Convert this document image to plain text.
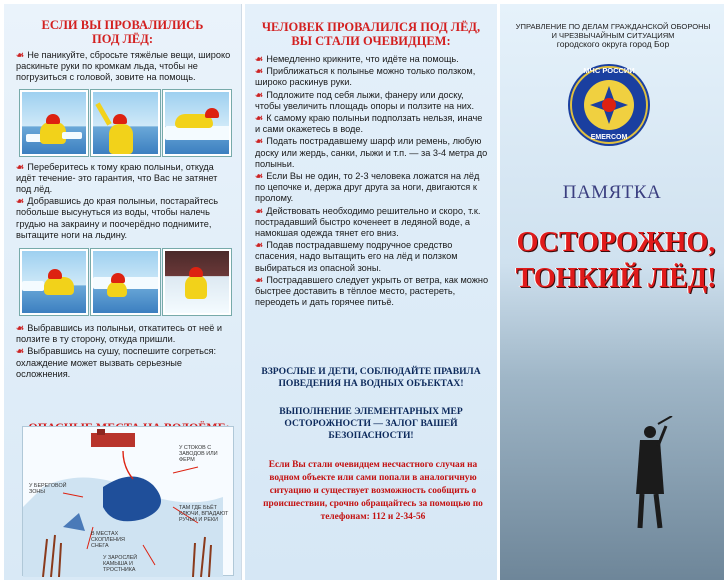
ЕСЛИ ВЫ ПРОВАЛИЛИСЬ
ПОД ЛЁД:

☙ Не паникуйте, сбросьте тяжёлые вещи, широко раскиньте руки по кромкам льда, чтобы не погрузиться с головой, зовите на помощь.

☙ Переберитесь к тому краю полыньи, откуда идёт течение- это гарантия, что Вас не затянет под лёд.

☙ Добравшись до края полыньи, постарайтесь побольше высунуться из воды, чтобы налечь грудью на закраину и поочерёдно поднимите, вытащите ноги на льдину.

☙ Выбравшись из полыньи, откатитесь от неё и ползите в ту сторону, откуда пришли.

☙ Выбравшись на сушу, поспешите согреться: охлаждение может вызвать серьезные осложнения.

У СТОКОВ С ЗАВОДОВ ИЛИ ФЕРМ
У БЕРЕГОВОЙ ЗОНЫ
ТАМ ГДЕ БЬЁТ КЛЮЧИ, ВПАДАЮТ РУЧЬИ И РЕКИ
В МЕСТАХ СКОПЛЕНИЯ СНЕГА
У ЗАРОСЛЕЙ КАМЫША И ТРОСТНИКА
ЧЕЛОВЕК ПРОВАЛИЛСЯ ПОД ЛЁД,
ВЫ СТАЛИ ОЧЕВИДЦЕМ:

☙ Немедленно крикните, что идёте на помощь.

☙ Приближаться к полынье можно только ползком, широко раскинув руки.

☙ Подложите под себя лыжи, фанеру или доску, чтобы увеличить площадь опоры и ползите на них.

☙ К самому краю полыньи подползать нельзя, иначе и сами окажетесь в воде.

☙ Подать пострадавшему шарф или ремень, любую доску или жердь, санки, лыжи и т.п. — за 3-4 метра до полыньи.

☙ Если Вы не один, то 2-3 человека ложатся на лёд по цепочке и, держа друг друга за ноги, двигаются к пролому.

☙ Действовать необходимо решительно и скоро, т.к. пострадавший быстро коченеет в ледяной воде, а намокшая одежда тянет его вниз.

☙ Подав пострадавшему подручное средство спасения, надо вытащить его на лёд и ползком выбираться из опасной зоны.

☙ Пострадавшего следует укрыть от ветра, как можно быстрее доставить в тёплое место, растереть, переодеть и дать горячее питьё.

ВЗРОСЛЫЕ И ДЕТИ, СОБЛЮДАЙТЕ ПРАВИЛА ПОВЕДЕНИЯ НА ВОДНЫХ ОБЪЕКТАХ!
ВЫПОЛНЕНИЕ ЭЛЕМЕНТАРНЫХ МЕР ОСТОРОЖНОСТИ — ЗАЛОГ ВАШЕЙ БЕЗОПАСНОСТИ!
Если Вы стали очевидцем несчастного случая на водном объекте или сами попали в аналогичную ситуацию и существует возможность сообщить о происшествии, срочно обращайтесь за помощью по телефонам: 112 и 2-34-56
УПРАВЛЕНИЕ ПО ДЕЛАМ ГРАЖДАНСКОЙ ОБОРОНЫ
И ЧРЕЗВЫЧАЙНЫМ СИТУАЦИЯМ
городского округа город Бор
МЧС РОССИИ
EMERCOM
ПАМЯТКА
ОСТОРОЖНО,
ТОНКИЙ ЛЁД!
